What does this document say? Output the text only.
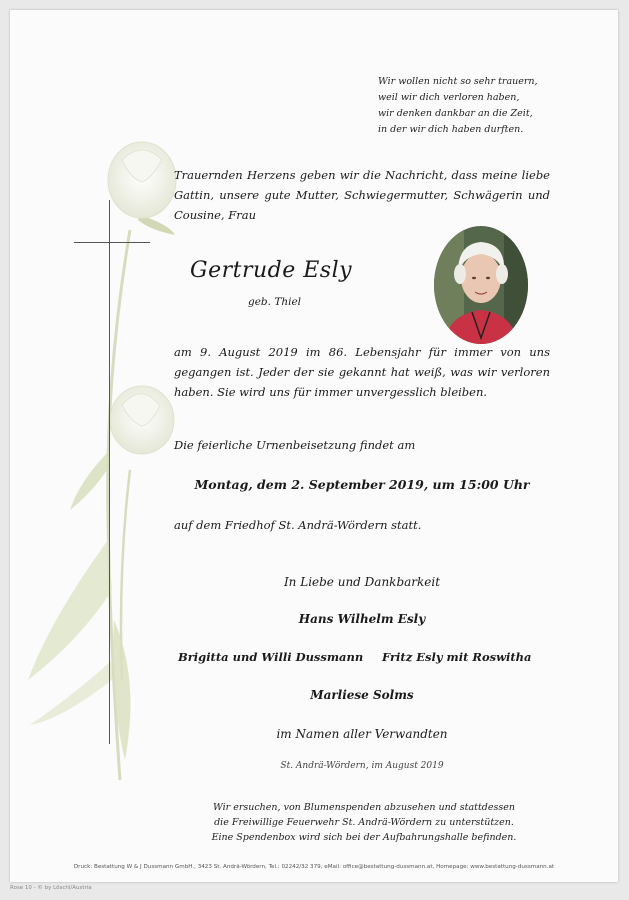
Wir wollen nicht so sehr trauern,
weil wir dich verloren haben,
wir denken dankbar an die Zeit,
in der wir dich haben durften.
Trauernden Herzens geben wir die Nachricht, dass meine liebe Gattin, unsere gute Mutter, Schwiegermutter, Schwägerin und Cousine, Frau
Gertrude Esly
geb. Thiel
am 9. August 2019 im 86. Lebensjahr für immer von uns gegangen ist. Jeder der sie gekannt hat weiß, was wir verloren haben. Sie wird uns für immer unvergesslich bleiben.
Die feierliche Urnenbeisetzung findet am
Montag, dem 2. September 2019, um 15:00 Uhr
auf dem Friedhof St. Andrä-Wördern statt.
In Liebe und Dankbarkeit
Hans Wilhelm Esly
Brigitta und Willi Dussmann Fritz Esly mit Roswitha
Marliese Solms
im Namen aller Verwandten
St. Andrä-Wördern, im August 2019
Wir ersuchen, von Blumenspenden abzusehen und stattdessen
die Freiwillige Feuerwehr St. Andrä-Wördern zu unterstützen.
Eine Spendenbox wird sich bei der Aufbahrungshalle befinden.
Druck: Bestattung W & J Dussmann GmbH., 3423 St. Andrä-Wördern, Tel.: 02242/32 379, eMail: office@bestattung-dussmann.at, Homepage: www.bestattung-dussmann.at
Rose 10 - © by Löschl/Austria
